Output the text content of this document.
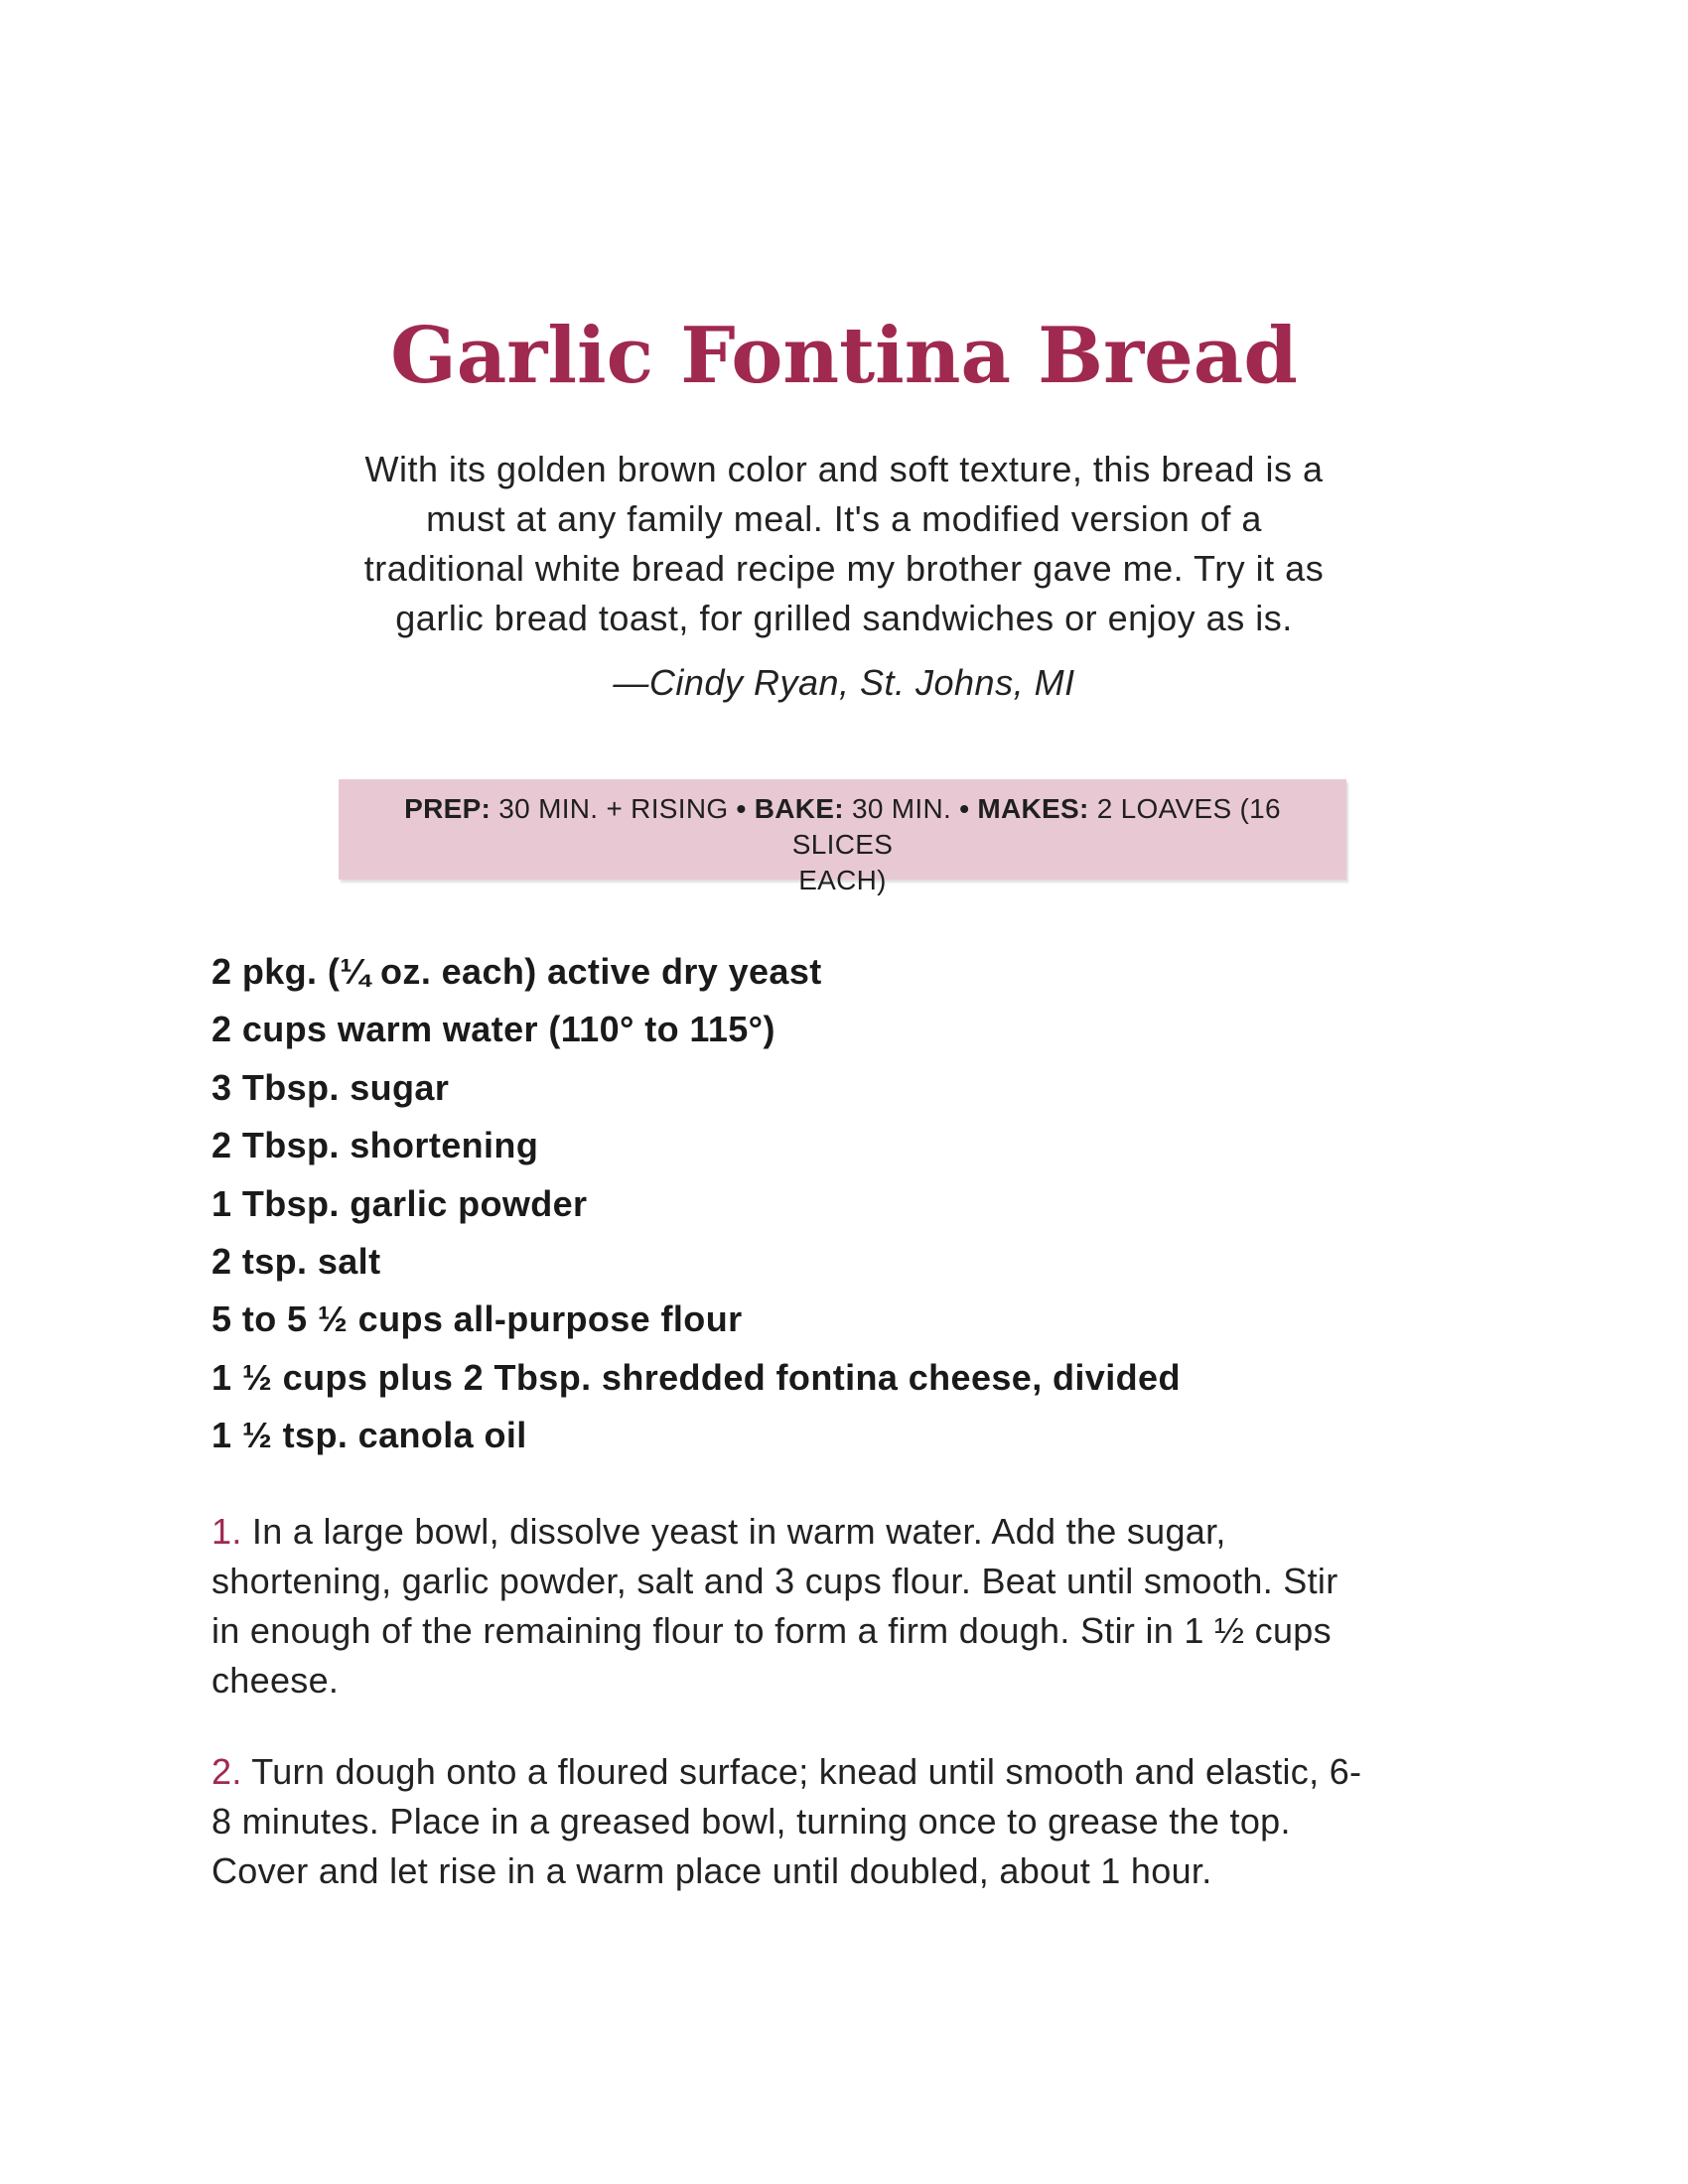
Garlic Fontina Bread
With its golden brown color and soft texture, this bread is a
must at any family meal. It's a modified version of a
traditional white bread recipe my brother gave me. Try it as
garlic bread toast, for grilled sandwiches or enjoy as is.
—Cindy Ryan, St. Johns, MI
PREP: 30 MIN. + RISING • BAKE: 30 MIN. • MAKES: 2 LOAVES (16 SLICES
EACH)
2 pkg. (¼ oz. each) active dry yeast
2 cups warm water (110° to 115°)
3 Tbsp. sugar
2 Tbsp. shortening
1 Tbsp. garlic powder
2 tsp. salt
5 to 5 ½ cups all-purpose flour
1 ½ cups plus 2 Tbsp. shredded fontina cheese, divided
1 ½ tsp. canola oil
1. In a large bowl, dissolve yeast in warm water. Add the sugar,
shortening, garlic powder, salt and 3 cups flour. Beat until smooth. Stir
in enough of the remaining flour to form a firm dough. Stir in 1 ½ cups
cheese.
2. Turn dough onto a floured surface; knead until smooth and elastic, 6-
8 minutes. Place in a greased bowl, turning once to grease the top.
Cover and let rise in a warm place until doubled, about 1 hour.
